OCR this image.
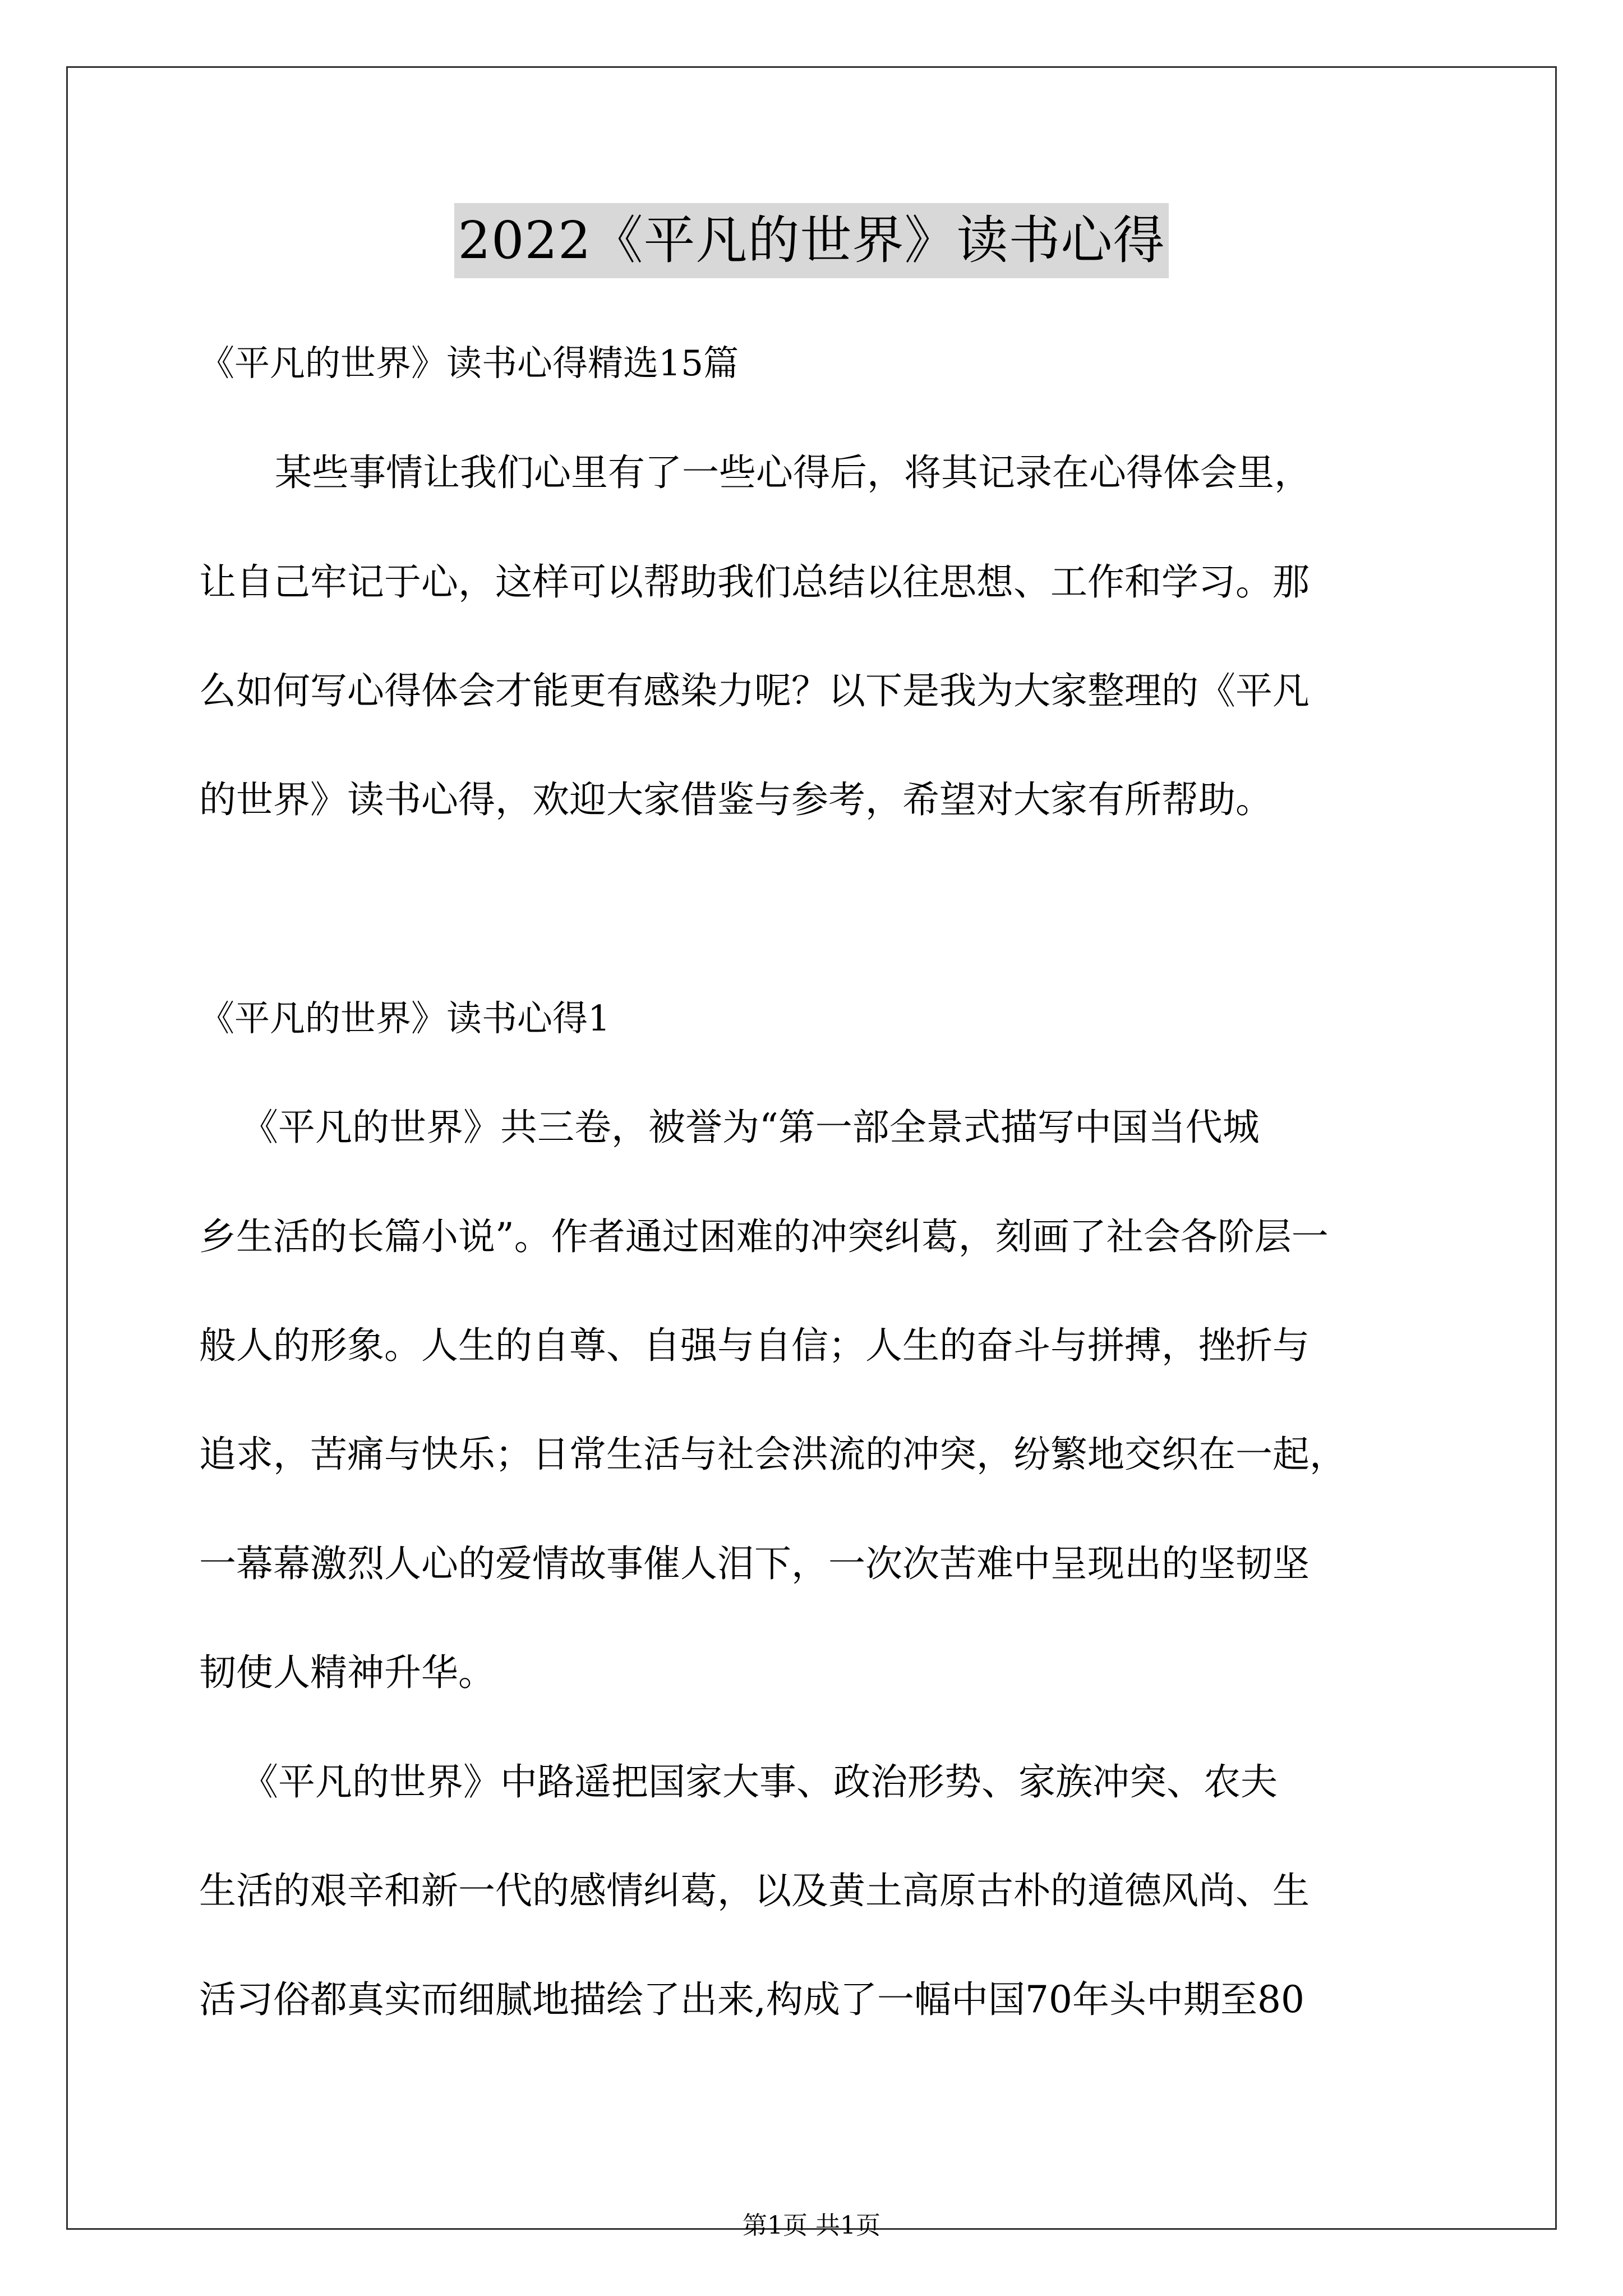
2022《平凡的世界》读书心得
《平凡的世界》读书心得精选15篇
某些事情让我们心里有了一些心得后，将其记录在心得体会里，
让自己牢记于心，这样可以帮助我们总结以往思想、工作和学习。那
么如何写心得体会才能更有感染力呢？以下是我为大家整理的《平凡
的世界》读书心得，欢迎大家借鉴与参考，希望对大家有所帮助。
《平凡的世界》读书心得1
《平凡的世界》共三卷，被誉为“第一部全景式描写中国当代城
乡生活的长篇小说”。作者通过困难的冲突纠葛，刻画了社会各阶层一
般人的形象。人生的自尊、自强与自信；人生的奋斗与拼搏，挫折与
追求，苦痛与快乐；日常生活与社会洪流的冲突，纷繁地交织在一起，
一幕幕激烈人心的爱情故事催人泪下，一次次苦难中呈现出的坚韧坚
韧使人精神升华。
《平凡的世界》中路遥把国家大事、政治形势、家族冲突、农夫
生活的艰辛和新一代的感情纠葛，以及黄土高原古朴的道德风尚、生
活习俗都真实而细腻地描绘了出来,构成了一幅中国70年头中期至80
第1页 共1页
